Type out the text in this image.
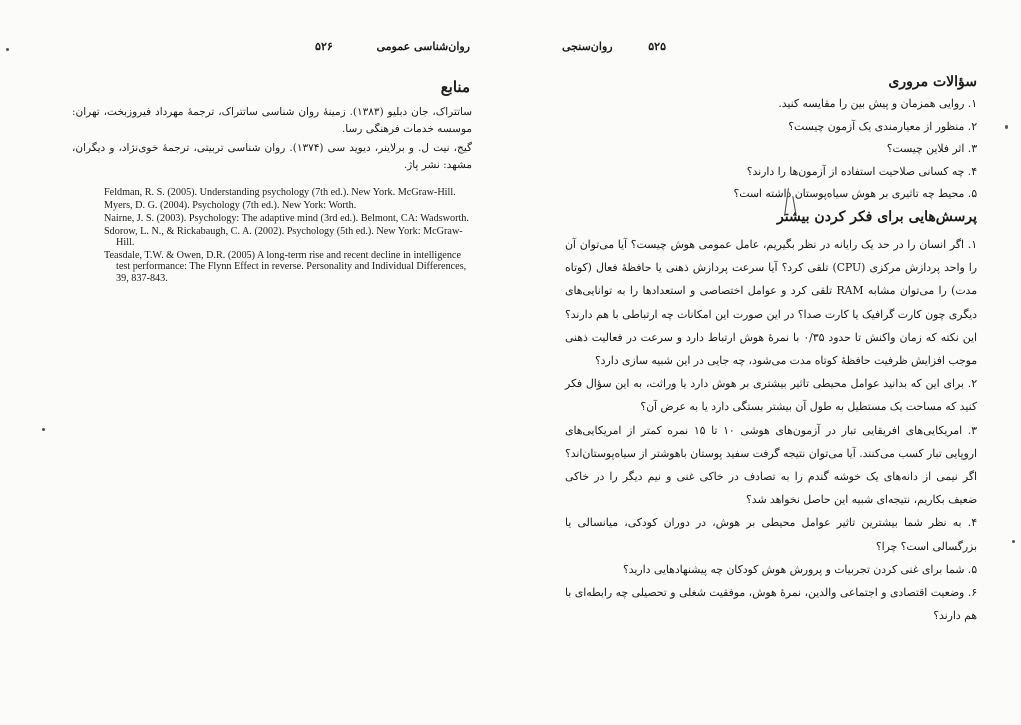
۵۲۶	روان‌شناسی عمومی
منابع

ساتتراک، جان دبلیو (۱۳۸۳). زمینهٔ روان شناسی ساتتراک، ترجمهٔ مهرداد فیروزبخت، تهران: موسسه خدمات فرهنگی رسا.

گیج، نیت ل. و برلاینر، دیوید سی (۱۳۷۴). روان شناسی تربیتی، ترجمهٔ خوی‌نژاد، و دیگران، مشهد: نشر پاژ.

Feldman, R. S. (2005). Understanding psychology (7th ed.). New York. McGraw-Hill.

Myers, D. G. (2004). Psychology (7th ed.). New York: Worth.

Nairne, J. S. (2003). Psychology: The adaptive mind (3rd ed.). Belmont, CA: Wadsworth.

Sdorow, L. N., & Rickabaugh, C. A. (2002). Psychology (5th ed.). New York: McGraw-Hill.

Teasdale, T.W. & Owen, D.R. (2005) A long-term rise and recent decline in intelligence test performance: The Flynn Effect in reverse. Personality and Individual Differences, 39, 837-843.

روان‌سنجی	۵۲۵
سؤالات مروری
۱. روایی همزمان و پیش بین را مقایسه کنید.
۲. منظور از معیارمندی یک آزمون چیست؟
۳. اثر فلاین چیست؟
۴. چه کسانی صلاحیت استفاده از آزمون‌ها را دارند؟
۵. محیط چه تاثیری بر هوش سیاه‌پوستان داشته است؟
پرسش‌هایی برای فکر کردن بیشتر
۱. اگر انسان را در حد یک رایانه در نظر بگیریم، عامل عمومی هوش چیست؟ آیا می‌توان آن را واحد پردازش مرکزی (CPU) تلقی کرد؟ آیا سرعت پردازش ذهنی یا حافظهٔ فعال (کوتاه مدت) را می‌توان مشابه RAM تلقی کرد و عوامل اختصاصی و استعدادها را به توانایی‌های دیگری چون کارت گرافیک یا کارت صدا؟ در این صورت این امکانات چه ارتباطی با هم دارند؟ این نکته که زمان واکنش تا حدود ۰/۳۵ با نمرهٔ هوش ارتباط دارد و سرعت در فعالیت ذهنی موجب افزایش ظرفیت حافظهٔ کوتاه مدت می‌شود، چه جایی در این شبیه سازی دارد؟
۲. برای این که بدانید عوامل محیطی تاثیر بیشتری بر هوش دارد یا وراثت، به این سؤال فکر کنید که مساحت یک مستطیل به طول آن بیشتر بستگی دارد یا به عرض آن؟
۳. امریکایی‌های افریقایی تبار در آزمون‌های هوشی ۱۰ تا ۱۵ نمره کمتر از امریکایی‌های اروپایی تبار کسب می‌کنند. آیا می‌توان نتیجه گرفت سفید پوستان باهوشتر از سیاه‌پوستان‌اند؟ اگر نیمی از دانه‌های یک خوشه گندم را به تصادف در خاکی غنی و نیم دیگر را در خاکی ضعیف بکاریم، نتیجه‌ای شبیه این حاصل نخواهد شد؟
۴. به نظر شما بیشترین تاثیر عوامل محیطی بر هوش، در دوران کودکی، میانسالی یا بزرگسالی است؟ چرا؟
۵. شما برای غنی کردن تجربیات و پرورش هوش کودکان چه پیشنهادهایی دارید؟
۶. وضعیت اقتصادی و اجتماعی والدین، نمرهٔ هوش، موفقیت شغلی و تحصیلی چه رابطه‌ای با هم دارند؟
